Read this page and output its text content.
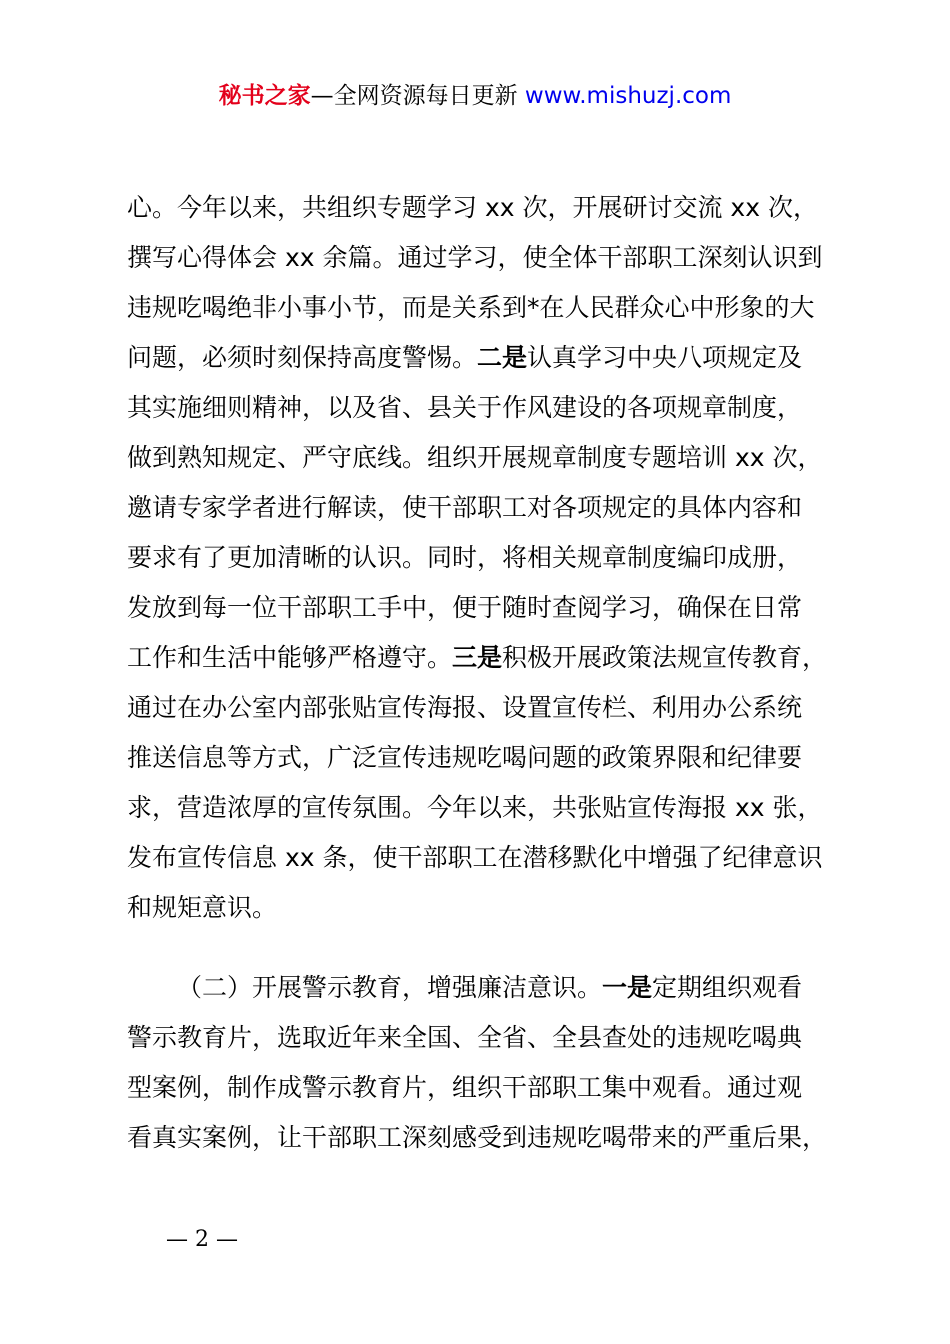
秘书之家—全网资源每日更新 www.mishuzj.com
心。今年以来，共组织专题学习 xx 次，开展研讨交流 xx 次，
撰写心得体会 xx 余篇。通过学习，使全体干部职工深刻认识到
违规吃喝绝非小事小节，而是关系到*在人民群众心中形象的大
问题，必须时刻保持高度警惕。二是认真学习中央八项规定及
其实施细则精神，以及省、县关于作风建设的各项规章制度，
做到熟知规定、严守底线。组织开展规章制度专题培训 xx 次，
邀请专家学者进行解读，使干部职工对各项规定的具体内容和
要求有了更加清晰的认识。同时，将相关规章制度编印成册，
发放到每一位干部职工手中，便于随时查阅学习，确保在日常
工作和生活中能够严格遵守。三是积极开展政策法规宣传教育，
通过在办公室内部张贴宣传海报、设置宣传栏、利用办公系统
推送信息等方式，广泛宣传违规吃喝问题的政策界限和纪律要
求，营造浓厚的宣传氛围。今年以来，共张贴宣传海报 xx 张，
发布宣传信息 xx 条，使干部职工在潜移默化中增强了纪律意识
和规矩意识。
（二）开展警示教育，增强廉洁意识。一是定期组织观看
警示教育片，选取近年来全国、全省、全县查处的违规吃喝典
型案例，制作成警示教育片，组织干部职工集中观看。通过观
看真实案例，让干部职工深刻感受到违规吃喝带来的严重后果，
— 2 —
